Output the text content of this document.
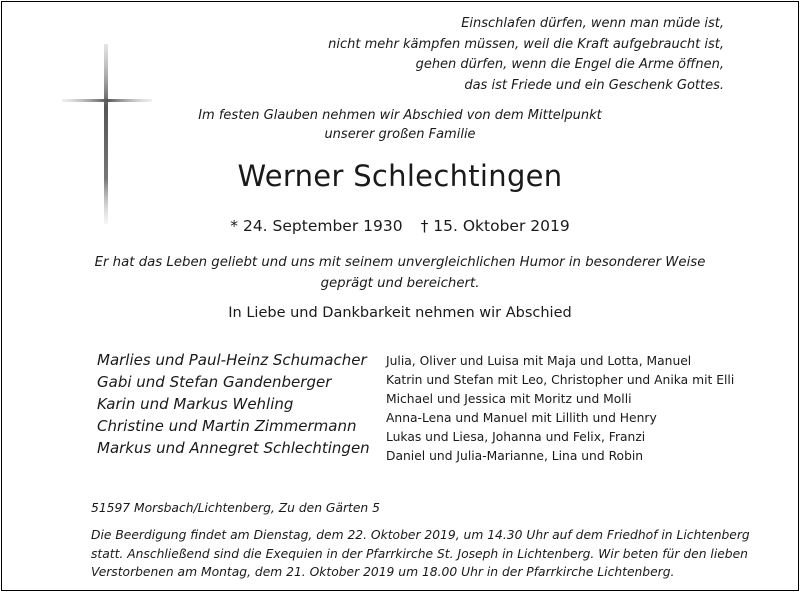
Einschlafen dürfen, wenn man müde ist,
nicht mehr kämpfen müssen, weil die Kraft aufgebraucht ist,
gehen dürfen, wenn die Engel die Arme öffnen,
das ist Friede und ein Geschenk Gottes.
Im festen Glauben nehmen wir Abschied von dem Mittelpunkt
unserer großen Familie
Werner Schlechtingen
* 24. September 1930 † 15. Oktober 2019
Er hat das Leben geliebt und uns mit seinem unvergleichlichen Humor in besonderer Weise
geprägt und bereichert.
In Liebe und Dankbarkeit nehmen wir Abschied
Marlies und Paul-Heinz Schumacher
Gabi und Stefan Gandenberger
Karin und Markus Wehling
Christine und Martin Zimmermann
Markus und Annegret Schlechtingen
Julia, Oliver und Luisa mit Maja und Lotta, Manuel
Katrin und Stefan mit Leo, Christopher und Anika mit Elli
Michael und Jessica mit Moritz und Molli
Anna-Lena und Manuel mit Lillith und Henry
Lukas und Liesa, Johanna und Felix, Franzi
Daniel und Julia-Marianne, Lina und Robin
51597 Morsbach/Lichtenberg, Zu den Gärten 5
Die Beerdigung findet am Dienstag, dem 22. Oktober 2019, um 14.30 Uhr auf dem Friedhof in Lichtenberg
statt. Anschließend sind die Exequien in der Pfarrkirche St. Joseph in Lichtenberg. Wir beten für den lieben
Verstorbenen am Montag, dem 21. Oktober 2019 um 18.00 Uhr in der Pfarrkirche Lichtenberg.
